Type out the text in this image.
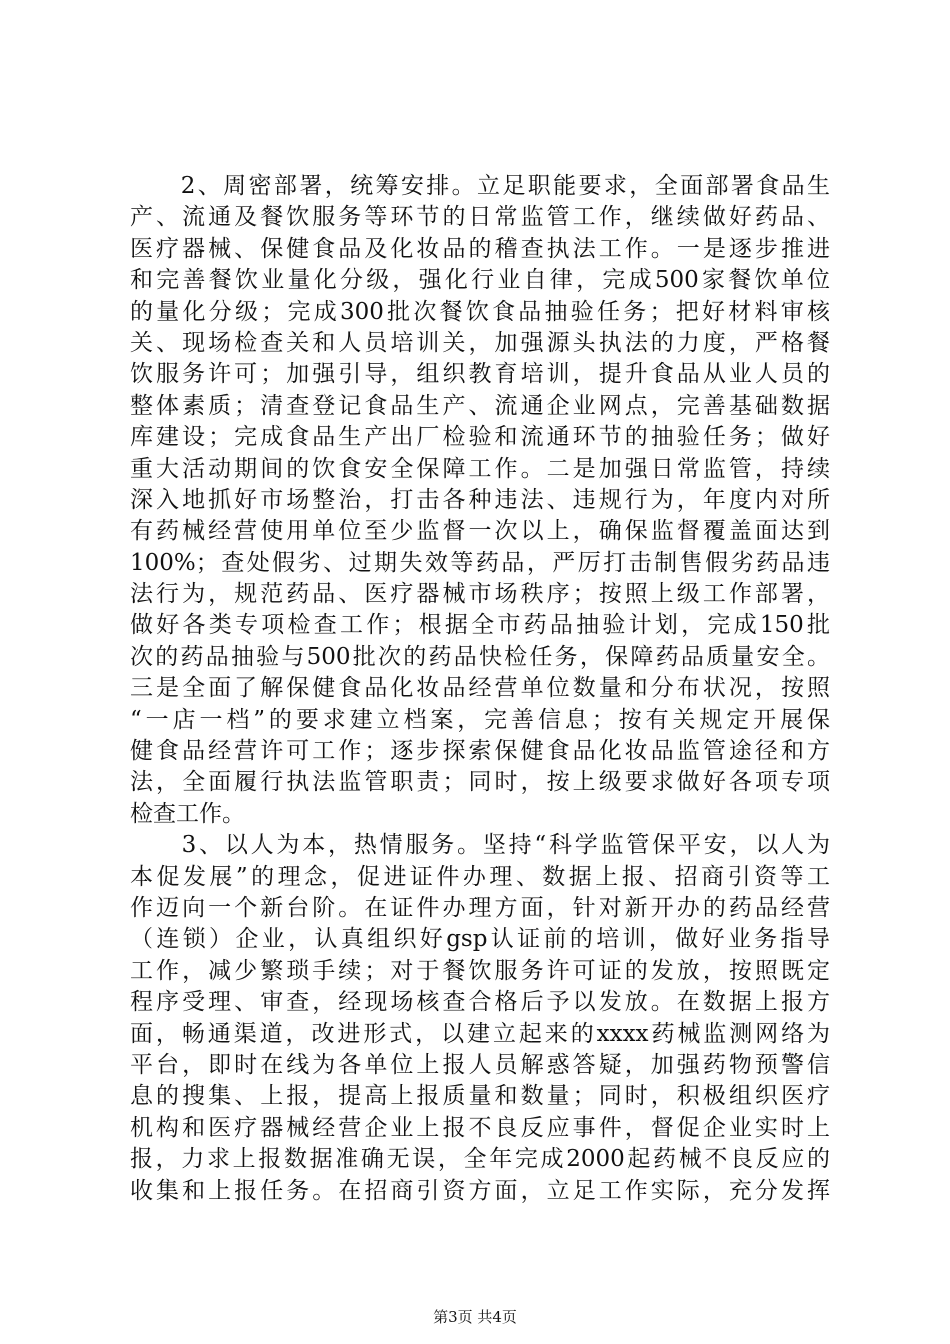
　　2、周密部署，统筹安排。立足职能要求，全面部署食品生
产、流通及餐饮服务等环节的日常监管工作，继续做好药品、
医疗器械、保健食品及化妆品的稽查执法工作。一是逐步推进
和完善餐饮业量化分级，强化行业自律，完成500家餐饮单位
的量化分级；完成300批次餐饮食品抽验任务；把好材料审核
关、现场检查关和人员培训关，加强源头执法的力度，严格餐
饮服务许可；加强引导，组织教育培训，提升食品从业人员的
整体素质；清查登记食品生产、流通企业网点，完善基础数据
库建设；完成食品生产出厂检验和流通环节的抽验任务；做好
重大活动期间的饮食安全保障工作。二是加强日常监管，持续
深入地抓好市场整治，打击各种违法、违规行为，年度内对所
有药械经营使用单位至少监督一次以上，确保监督覆盖面达到
100%；查处假劣、过期失效等药品，严厉打击制售假劣药品违
法行为，规范药品、医疗器械市场秩序；按照上级工作部署，
做好各类专项检查工作；根据全市药品抽验计划，完成150批
次的药品抽验与500批次的药品快检任务，保障药品质量安全。
三是全面了解保健食品化妆品经营单位数量和分布状况，按照
“一店一档”的要求建立档案，完善信息；按有关规定开展保
健食品经营许可工作；逐步探索保健食品化妆品监管途径和方
法，全面履行执法监管职责；同时，按上级要求做好各项专项
检查工作。
　　3、以人为本，热情服务。坚持“科学监管保平安，以人为
本促发展”的理念，促进证件办理、数据上报、招商引资等工
作迈向一个新台阶。在证件办理方面，针对新开办的药品经营
（连锁）企业，认真组织好gsp认证前的培训，做好业务指导
工作，减少繁琐手续；对于餐饮服务许可证的发放，按照既定
程序受理、审查，经现场核查合格后予以发放。在数据上报方
面，畅通渠道，改进形式，以建立起来的xxxx药械监测网络为
平台，即时在线为各单位上报人员解惑答疑，加强药物预警信
息的搜集、上报，提高上报质量和数量；同时，积极组织医疗
机构和医疗器械经营企业上报不良反应事件，督促企业实时上
报，力求上报数据准确无误，全年完成2000起药械不良反应的
收集和上报任务。在招商引资方面，立足工作实际，充分发挥
第3页 共4页
